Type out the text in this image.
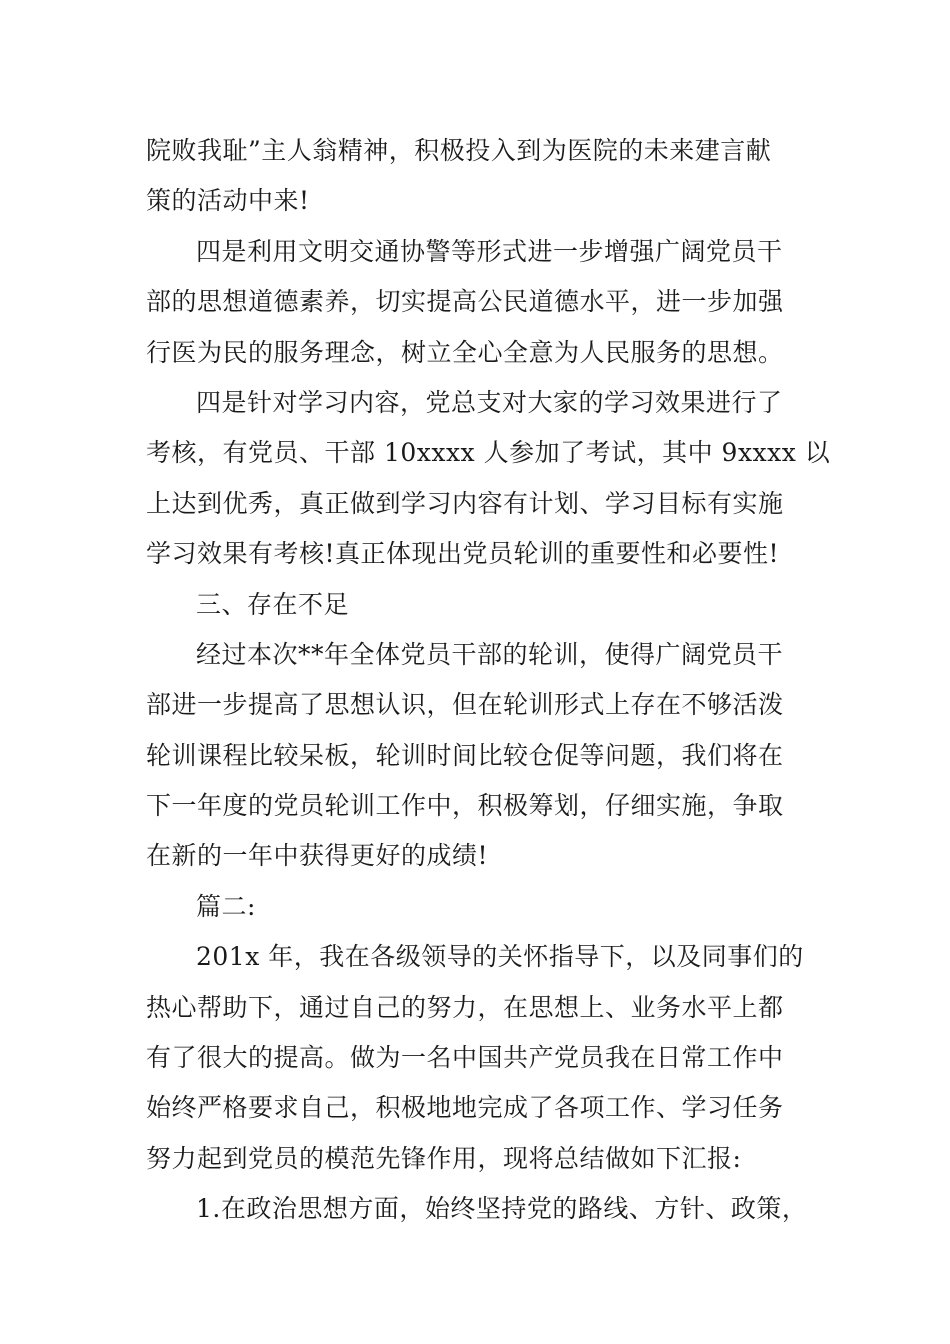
院败我耻”主人翁精神，积极投入到为医院的未来建言献
策的活动中来!
四是利用文明交通协警等形式进一步增强广阔党员干
部的思想道德素养，切实提高公民道德水平，进一步加强
行医为民的服务理念，树立全心全意为人民服务的思想。
四是针对学习内容，党总支对大家的学习效果进行了
考核，有党员、干部 10xxxx 人参加了考试，其中 9xxxx 以
上达到优秀，真正做到学习内容有计划、学习目标有实施
学习效果有考核!真正体现出党员轮训的重要性和必要性!
三、存在不足
经过本次**年全体党员干部的轮训，使得广阔党员干
部进一步提高了思想认识，但在轮训形式上存在不够活泼
轮训课程比较呆板，轮训时间比较仓促等问题，我们将在
下一年度的党员轮训工作中，积极筹划，仔细实施，争取
在新的一年中获得更好的成绩!
篇二:
201x 年，我在各级领导的关怀指导下，以及同事们的
热心帮助下，通过自己的努力，在思想上、业务水平上都
有了很大的提高。做为一名中国共产党员我在日常工作中
始终严格要求自己，积极地地完成了各项工作、学习任务
努力起到党员的模范先锋作用，现将总结做如下汇报:
1.在政治思想方面，始终坚持党的路线、方针、政策，
